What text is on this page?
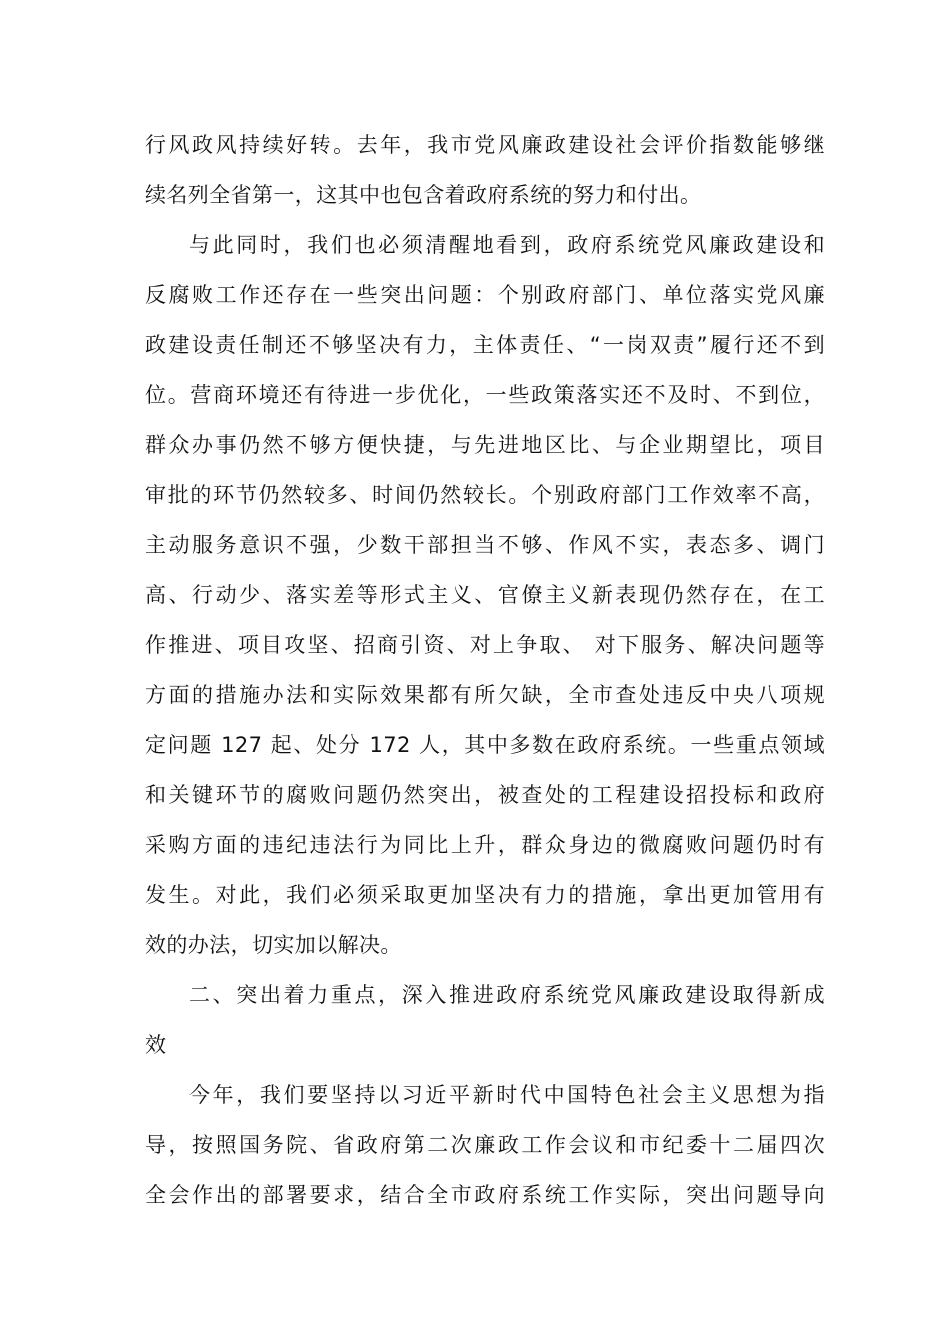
行风政风持续好转。去年，我市党风廉政建设社会评价指数能够继
续名列全省第一，这其中也包含着政府系统的努力和付出。
与此同时，我们也必须清醒地看到，政府系统党风廉政建设和
反腐败工作还存在一些突出问题：个别政府部门、单位落实党风廉
政建设责任制还不够坚决有力，主体责任、“一岗双责”履行还不到
位。营商环境还有待进一步优化，一些政策落实还不及时、不到位，
群众办事仍然不够方便快捷，与先进地区比、与企业期望比，项目
审批的环节仍然较多、时间仍然较长。个别政府部门工作效率不高，
主动服务意识不强，少数干部担当不够、作风不实，表态多、调门
高、行动少、落实差等形式主义、官僚主义新表现仍然存在，在工
作推进、项目攻坚、招商引资、对上争取、 对下服务、解决问题等
方面的措施办法和实际效果都有所欠缺，全市查处违反中央八项规
定问题 127 起、处分 172 人，其中多数在政府系统。一些重点领域
和关键环节的腐败问题仍然突出，被查处的工程建设招投标和政府
采购方面的违纪违法行为同比上升，群众身边的微腐败问题仍时有
发生。对此，我们必须采取更加坚决有力的措施，拿出更加管用有
效的办法，切实加以解决。
二、突出着力重点，深入推进政府系统党风廉政建设取得新成
效
今年，我们要坚持以习近平新时代中国特色社会主义思想为指
导，按照国务院、省政府第二次廉政工作会议和市纪委十二届四次
全会作出的部署要求，结合全市政府系统工作实际，突出问题导向
